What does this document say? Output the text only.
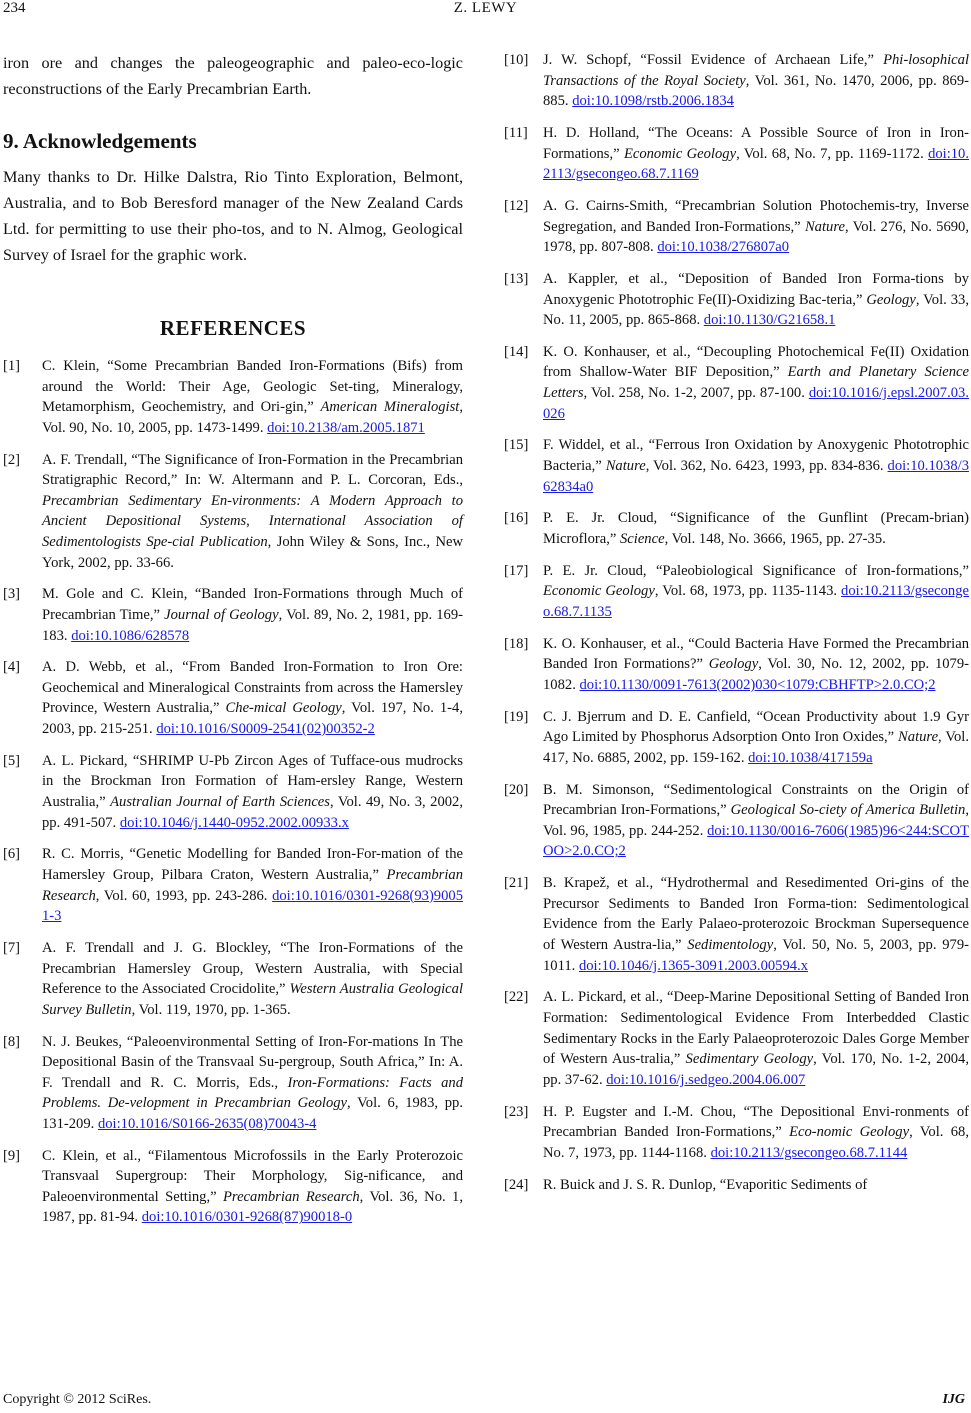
234	Z. LEWY

iron ore and changes the paleogeographic and paleo-eco-logic reconstructions of the Early Precambrian Earth.

9. Acknowledgements

Many thanks to Dr. Hilke Dalstra, Rio Tinto Exploration, Belmont, Australia, and to Bob Beresford manager of the New Zealand Cards Ltd. for permitting to use their pho-tos, and to N. Almog, Geological Survey of Israel for the graphic work.

REFERENCES
[1]	C. Klein, “Some Precambrian Banded Iron-Formations (Bifs) from around the World: Their Age, Geologic Set-ting, Mineralogy, Metamorphism, Geochemistry, and Ori-gin,” American Mineralogist, Vol. 90, No. 10, 2005, pp. 1473-1499. doi:10.2138/am.2005.1871
[2]	A. F. Trendall, “The Significance of Iron-Formation in the Precambrian Stratigraphic Record,” In: W. Altermann and P. L. Corcoran, Eds., Precambrian Sedimentary En-vironments: A Modern Approach to Ancient Depositional Systems, International Association of Sedimentologists Spe-cial Publication, John Wiley & Sons, Inc., New York, 2002, pp. 33-66.
[3]	M. Gole and C. Klein, “Banded Iron-Formations through Much of Precambrian Time,” Journal of Geology, Vol. 89, No. 2, 1981, pp. 169-183. doi:10.1086/628578
[4]	A. D. Webb, et al., “From Banded Iron-Formation to Iron Ore: Geochemical and Mineralogical Constraints from across the Hamersley Province, Western Australia,” Che-mical Geology, Vol. 197, No. 1-4, 2003, pp. 215-251. doi:10.1016/S0009-2541(02)00352-2
[5]	A. L. Pickard, “SHRIMP U-Pb Zircon Ages of Tufface-ous mudrocks in the Brockman Iron Formation of Ham-ersley Range, Western Australia,” Australian Journal of Earth Sciences, Vol. 49, No. 3, 2002, pp. 491-507. doi:10.1046/j.1440-0952.2002.00933.x
[6]	R. C. Morris, “Genetic Modelling for Banded Iron-For-mation of the Hamersley Group, Pilbara Craton, Western Australia,” Precambrian Research, Vol. 60, 1993, pp. 243-286. doi:10.1016/0301-9268(93)90051-3
[7]	A. F. Trendall and J. G. Blockley, “The Iron-Formations of the Precambrian Hamersley Group, Western Australia, with Special Reference to the Associated Crocidolite,” Western Australia Geological Survey Bulletin, Vol. 119, 1970, pp. 1-365.
[8]	N. J. Beukes, “Paleoenvironmental Setting of Iron-For-mations In The Depositional Basin of the Transvaal Su-pergroup, South Africa,” In: A. F. Trendall and R. C. Morris, Eds., Iron-Formations: Facts and Problems. De-velopment in Precambrian Geology, Vol. 6, 1983, pp. 131-209. doi:10.1016/S0166-2635(08)70043-4
[9]	C. Klein, et al., “Filamentous Microfossils in the Early Proterozoic Transvaal Supergroup: Their Morphology, Sig-nificance, and Paleoenvironmental Setting,” Precambrian Research, Vol. 36, No. 1, 1987, pp. 81-94. doi:10.1016/0301-9268(87)90018-0
[10]	J. W. Schopf, “Fossil Evidence of Archaean Life,” Phi-losophical Transactions of the Royal Society, Vol. 361, No. 1470, 2006, pp. 869-885. doi:10.1098/rstb.2006.1834
[11]	H. D. Holland, “The Oceans: A Possible Source of Iron in Iron-Formations,” Economic Geology, Vol. 68, No. 7, pp. 1169-1172. doi:10.2113/gsecongeo.68.7.1169
[12]	A. G. Cairns-Smith, “Precambrian Solution Photochemis-try, Inverse Segregation, and Banded Iron-Formations,” Nature, Vol. 276, No. 5690, 1978, pp. 807-808. doi:10.1038/276807a0
[13]	A. Kappler, et al., “Deposition of Banded Iron Forma-tions by Anoxygenic Phototrophic Fe(II)-Oxidizing Bac-teria,” Geology, Vol. 33, No. 11, 2005, pp. 865-868. doi:10.1130/G21658.1
[14]	K. O. Konhauser, et al., “Decoupling Photochemical Fe(II) Oxidation from Shallow-Water BIF Deposition,” Earth and Planetary Science Letters, Vol. 258, No. 1-2, 2007, pp. 87-100. doi:10.1016/j.epsl.2007.03.026
[15]	F. Widdel, et al., “Ferrous Iron Oxidation by Anoxygenic Phototrophic Bacteria,” Nature, Vol. 362, No. 6423, 1993, pp. 834-836. doi:10.1038/362834a0
[16]	P. E. Jr. Cloud, “Significance of the Gunflint (Precam-brian) Microflora,” Science, Vol. 148, No. 3666, 1965, pp. 27-35.
[17]	P. E. Jr. Cloud, “Paleobiological Significance of Iron-formations,” Economic Geology, Vol. 68, 1973, pp. 1135-1143. doi:10.2113/gsecongeo.68.7.1135
[18]	K. O. Konhauser, et al., “Could Bacteria Have Formed the Precambrian Banded Iron Formations?” Geology, Vol. 30, No. 12, 2002, pp. 1079-1082. doi:10.1130/0091-7613(2002)030<1079:CBHFTP>2.0.CO;2
[19]	C. J. Bjerrum and D. E. Canfield, “Ocean Productivity about 1.9 Gyr Ago Limited by Phosphorus Adsorption Onto Iron Oxides,” Nature, Vol. 417, No. 6885, 2002, pp. 159-162. doi:10.1038/417159a
[20]	B. M. Simonson, “Sedimentological Constraints on the Origin of Precambrian Iron-Formations,” Geological So-ciety of America Bulletin, Vol. 96, 1985, pp. 244-252. doi:10.1130/0016-7606(1985)96<244:SCOTOO>2.0.CO;2
[21]	B. Krapež, et al., “Hydrothermal and Resedimented Ori-gins of the Precursor Sediments to Banded Iron Forma-tion: Sedimentological Evidence from the Early Palaeo-proterozoic Brockman Supersequence of Western Austra-lia,” Sedimentology, Vol. 50, No. 5, 2003, pp. 979-1011. doi:10.1046/j.1365-3091.2003.00594.x
[22]	A. L. Pickard, et al., “Deep-Marine Depositional Setting of Banded Iron Formation: Sedimentological Evidence From Interbedded Clastic Sedimentary Rocks in the Early Palaeoproterozoic Dales Gorge Member of Western Aus-tralia,” Sedimentary Geology, Vol. 170, No. 1-2, 2004, pp. 37-62. doi:10.1016/j.sedgeo.2004.06.007
[23]	H. P. Eugster and I.-M. Chou, “The Depositional Envi-ronments of Precambrian Banded Iron-Formations,” Eco-nomic Geology, Vol. 68, No. 7, 1973, pp. 1144-1168. doi:10.2113/gsecongeo.68.7.1144
[24]	R. Buick and J. S. R. Dunlop, “Evaporitic Sediments of
Copyright © 2012 SciRes.	IJG
